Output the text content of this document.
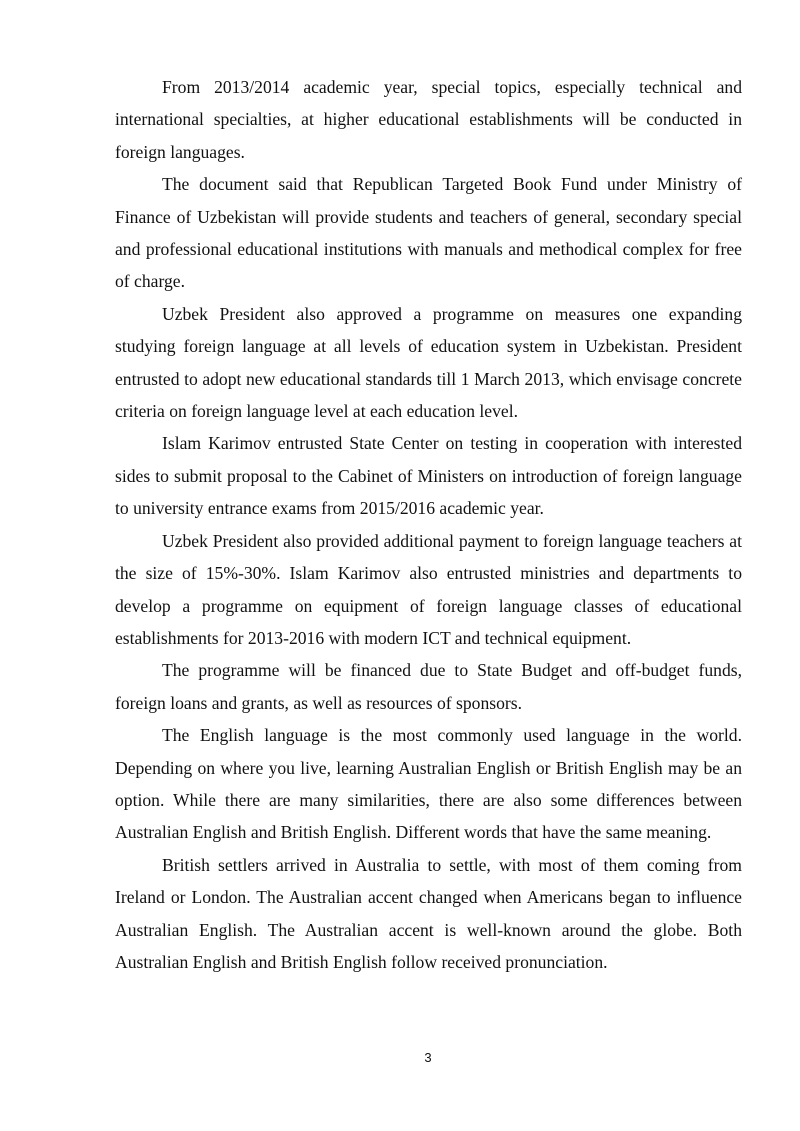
From 2013/2014 academic year, special topics, especially technical and international specialties, at higher educational establishments will be conducted in foreign languages.

The document said that Republican Targeted Book Fund under Ministry of Finance of Uzbekistan will provide students and teachers of general, secondary special and professional educational institutions with manuals and methodical complex for free of charge.

Uzbek President also approved a programme on measures one expanding studying foreign language at all levels of education system in Uzbekistan. President entrusted to adopt new educational standards till 1 March 2013, which envisage concrete criteria on foreign language level at each education level.

Islam Karimov entrusted State Center on testing in cooperation with interested sides to submit proposal to the Cabinet of Ministers on introduction of foreign language to university entrance exams from 2015/2016 academic year.

Uzbek President also provided additional payment to foreign language teachers at the size of 15%-30%. Islam Karimov also entrusted ministries and departments to develop a programme on equipment of foreign language classes of educational establishments for 2013-2016 with modern ICT and technical equipment.

The programme will be financed due to State Budget and off-budget funds, foreign loans and grants, as well as resources of sponsors.

The English language is the most commonly used language in the world. Depending on where you live, learning Australian English or British English may be an option. While there are many similarities, there are also some differences between Australian English and British English. Different words that have the same meaning.

British settlers arrived in Australia to settle, with most of them coming from Ireland or London. The Australian accent changed when Americans began to influence Australian English. The Australian accent is well-known around the globe. Both Australian English and British English follow received pronunciation.

3
